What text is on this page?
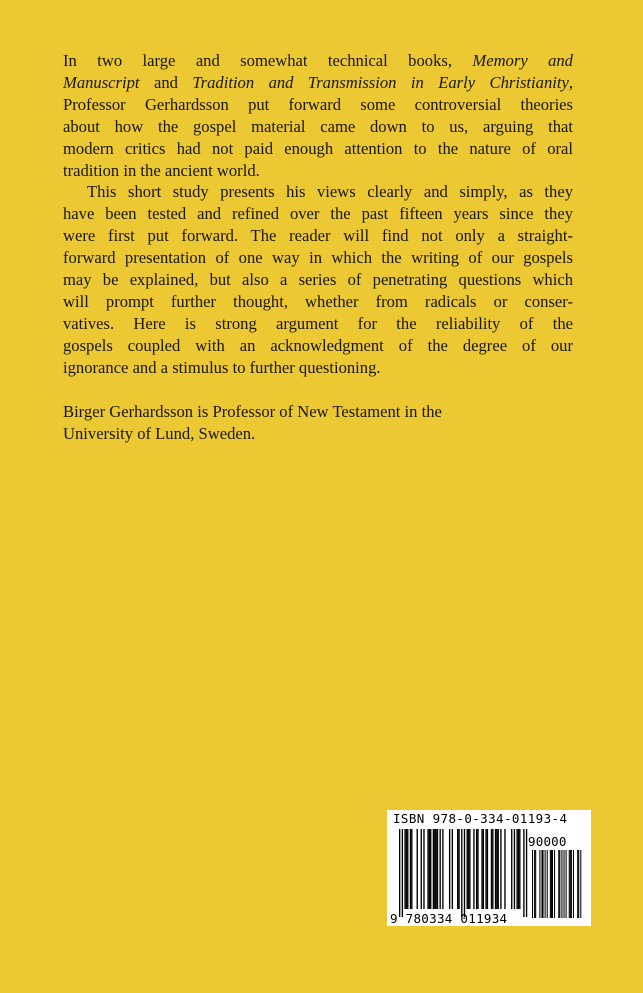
In two large and somewhat technical books, Memory and
Manuscript and Tradition and Transmission in Early Christianity,
Professor Gerhardsson put forward some controversial theories
about how the gospel material came down to us, arguing that
modern critics had not paid enough attention to the nature of oral
tradition in the ancient world.

This short study presents his views clearly and simply, as they
have been tested and refined over the past fifteen years since they
were first put forward. The reader will find not only a straight-
forward presentation of one way in which the writing of our gospels
may be explained, but also a series of penetrating questions which
will prompt further thought, whether from radicals or conser-
vatives. Here is strong argument for the reliability of the
gospels coupled with an acknowledgment of the degree of our
ignorance and a stimulus to further questioning.

Birger Gerhardsson is Professor of New Testament in the
University of Lund, Sweden.

ISBN 978-0-334-01193-4
90000
9 780334 011934
